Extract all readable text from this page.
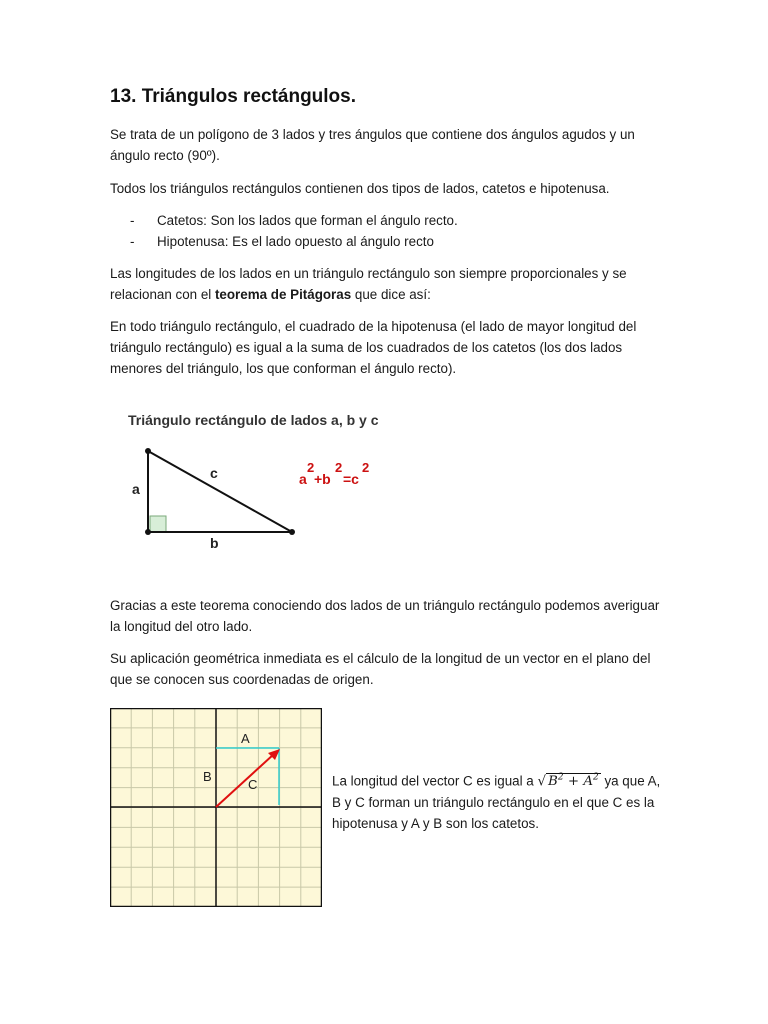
13. Triángulos rectángulos.

Se trata de un polígono de 3 lados y tres ángulos que contiene dos ángulos agudos y un ángulo recto (90º).

Todos los triángulos rectángulos contienen dos tipos de lados, catetos e hipotenusa.

- Catetos: Son los lados que forman el ángulo recto.
- Hipotenusa: Es el lado opuesto al ángulo recto

Las longitudes de los lados en un triángulo rectángulo son siempre proporcionales y se relacionan con el teorema de Pitágoras que dice así:

En todo triángulo rectángulo, el cuadrado de la hipotenusa (el lado de mayor longitud del triángulo rectángulo) es igual a la suma de los cuadrados de los catetos (los dos lados menores del triángulo, los que conforman el ángulo recto).

Triángulo rectángulo de lados a, b y c
a
b
c	a
2
+b
2
=c
2

Gracias a este teorema conociendo dos lados de un triángulo rectángulo podemos averiguar la longitud del otro lado.

Su aplicación geométrica inmediata es el cálculo de la longitud de un vector en el plano del que se conocen sus coordenadas de origen.

A
B
C	La longitud del vector C es igual a √ $B^2 + A^2$ ya que A, B y C forman un triángulo rectángulo en el que C es la hipotenusa y A y B son los catetos.
